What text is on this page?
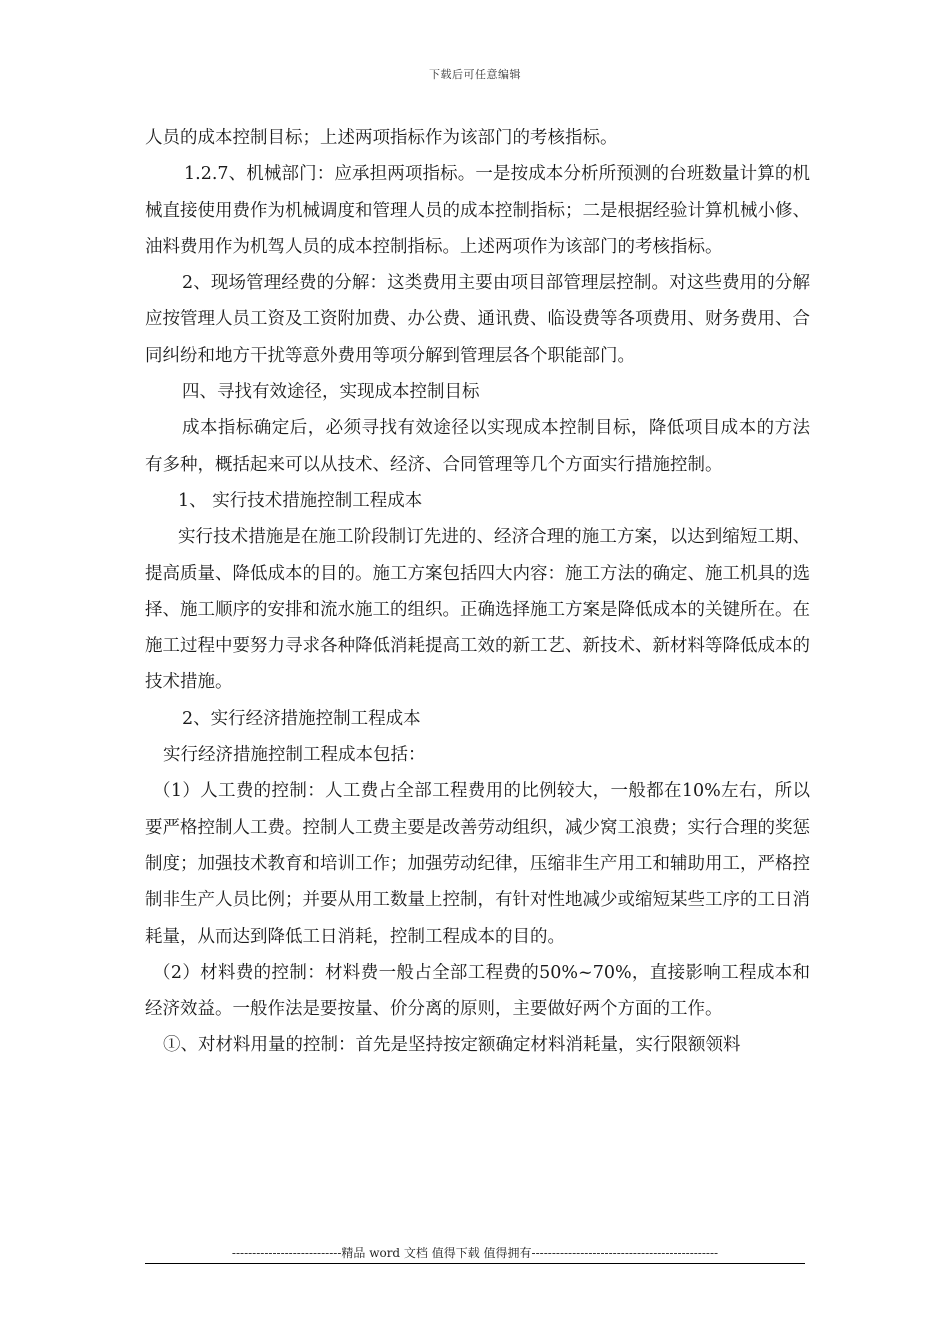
下载后可任意编辑

人员的成本控制目标；上述两项指标作为该部门的考核指标。

1.2.7、机械部门：应承担两项指标。一是按成本分析所预测的台班数量计算的机械直接使用费作为机械调度和管理人员的成本控制指标；二是根据经验计算机械小修、油料费用作为机驾人员的成本控制指标。上述两项作为该部门的考核指标。

2、现场管理经费的分解：这类费用主要由项目部管理层控制。对这些费用的分解应按管理人员工资及工资附加费、办公费、通讯费、临设费等各项费用、财务费用、合同纠纷和地方干扰等意外费用等项分解到管理层各个职能部门。

四、寻找有效途径，实现成本控制目标

成本指标确定后，必须寻找有效途径以实现成本控制目标，降低项目成本的方法有多种，概括起来可以从技术、经济、合同管理等几个方面实行措施控制。

1、 实行技术措施控制工程成本

实行技术措施是在施工阶段制订先进的、经济合理的施工方案，以达到缩短工期、提高质量、降低成本的目的。施工方案包括四大内容：施工方法的确定、施工机具的选择、施工顺序的安排和流水施工的组织。正确选择施工方案是降低成本的关键所在。在施工过程中要努力寻求各种降低消耗提高工效的新工艺、新技术、新材料等降低成本的技术措施。

2、实行经济措施控制工程成本

实行经济措施控制工程成本包括：

（1）人工费的控制：人工费占全部工程费用的比例较大，一般都在10%左右，所以要严格控制人工费。控制人工费主要是改善劳动组织，减少窝工浪费；实行合理的奖惩制度；加强技术教育和培训工作；加强劳动纪律，压缩非生产用工和辅助用工，严格控制非生产人员比例；并要从用工数量上控制，有针对性地减少或缩短某些工序的工日消耗量，从而达到降低工日消耗，控制工程成本的目的。

（2）材料费的控制：材料费一般占全部工程费的50%~70%，直接影响工程成本和经济效益。一般作法是要按量、价分离的原则，主要做好两个方面的工作。

①、对材料用量的控制：首先是坚持按定额确定材料消耗量，实行限额领料

---------------------------精品 word 文档 值得下载 值得拥有----------------------------------------------
